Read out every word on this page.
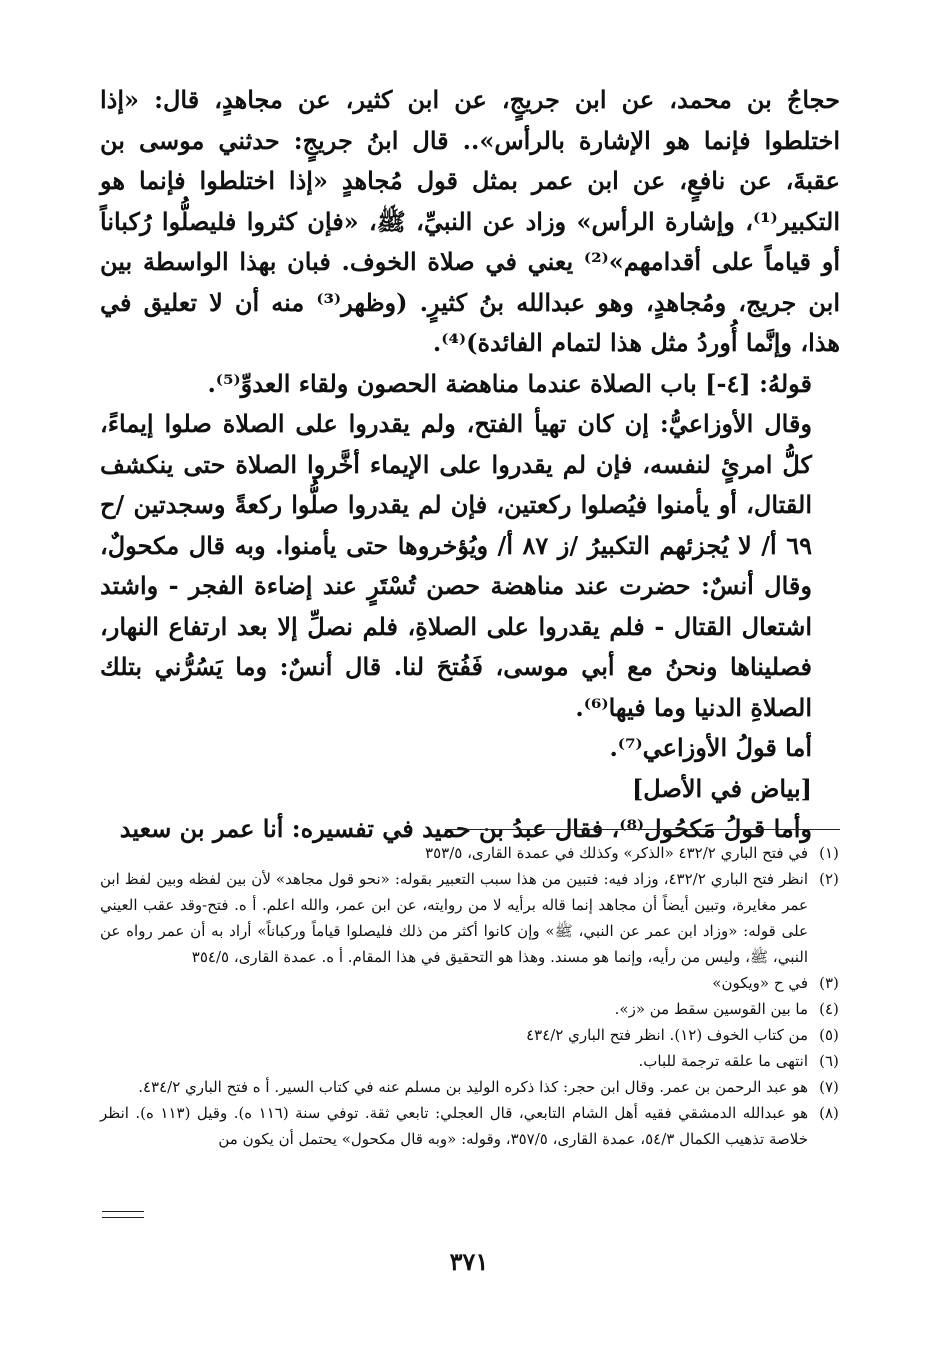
حجاجُ بن محمد، عن ابن جريجٍ، عن ابن كثير، عن مجاهدٍ، قال: «إذا اختلطوا فإنما هو الإشارة بالرأس».. قال ابنُ جريجٍ: حدثني موسى بن عقبةَ، عن نافعٍ، عن ابن عمر بمثل قول مُجاهدٍ «إذا اختلطوا فإنما هو التكبير⁽¹⁾، وإشارة الرأس» وزاد عن النبيِّ، ﷺ، «فإن كثروا فليصلُّوا رُكباناً أو قياماً على أقدامهم»⁽²⁾ يعني في صلاة الخوف. فبان بهذا الواسطة بين ابن جريج، ومُجاهدٍ، وهو عبدالله بنُ كثيرٍ. (وظهر⁽³⁾ منه أن لا تعليق في هذا، وإنَّما أُوردُ مثل هذا لتمام الفائدة)⁽⁴⁾.

قولهُ: [٤-] باب الصلاة عندما مناهضة الحصون ولقاء العدوِّ⁽⁵⁾.

وقال الأوزاعيُّ: إن كان تهيأ الفتح، ولم يقدروا على الصلاة صلوا إيماءً، كلُّ امرئٍ لنفسه، فإن لم يقدروا على الإيماء أخَّروا الصلاة حتى ينكشف القتال، أو يأمنوا فيُصلوا ركعتين، فإن لم يقدروا صلُّوا ركعةً وسجدتين /ح ٦٩ أ/ لا يُجزئهم التكبيرُ /ز ٨٧ أ/ ويُؤخروها حتى يأمنوا. وبه قال مكحولٌ، وقال أنسٌ: حضرت عند مناهضة حصن تُسْتَرٍ عند إضاءة الفجر - واشتد اشتعال القتال - فلم يقدروا على الصلاةِ، فلم نصلِّ إلا بعد ارتفاع النهار، فصليناها ونحنُ مع أبي موسى، فَفُتحَ لنا. قال أنسٌ: وما يَسُرُّني بتلك الصلاةِ الدنيا وما فيها⁽⁶⁾.

أما قولُ الأوزاعي⁽⁷⁾.

[بياض في الأصل]

وأما قولُ مَكحُول⁽⁸⁾، فقال عبدُ بن حميد في تفسيره: أنا عمر بن سعيد

(١)
في فتح الباري ٤٣٢/٢ «الذكر» وكذلك في عمدة القارى، ٣٥٣/٥
(٢)
انظر فتح الباري ٤٣٢/٢، وزاد فيه: فتبين من هذا سبب التعبير بقوله: «نحو قول مجاهد» لأن بين لفظه وبين لفظ ابن عمر مغايرة، وتبين أيضاً أن مجاهد إنما قاله برأيه لا من روايته، عن ابن عمر، والله اعلم. أ ه. فتح-وقد عقب العيني على قوله: «وزاد ابن عمر عن النبي، ﷺ» وإن كانوا أكثر من ذلك فليصلوا قياماً وركباناً» أراد به أن عمر رواه عن النبي، ﷺ، وليس من رأيه، وإنما هو مسند. وهذا هو التحقيق في هذا المقام. أ ه. عمدة القارى، ٣٥٤/٥
(٣)
في ح «ويكون»
(٤)
ما بين القوسين سقط من «ز».
(٥)
من كتاب الخوف (١٢). انظر فتح الباري ٤٣٤/٢
(٦)
انتهى ما علقه ترجمة للباب.
(٧)
هو عبد الرحمن بن عمر. وقال ابن حجر: كذا ذكره الوليد بن مسلم عنه في كتاب السير. أ ه فتح الباري ٤٣٤/٢.
(٨)
هو عبدالله الدمشقي فقيه أهل الشام التابعي، قال العجلي: تابعي ثقة. توفي سنة (١١٦ ه). وقيل (١١٣ ه). انظر خلاصة تذهيب الكمال ٥٤/٣، عمدة القارى، ٣٥٧/٥، وقوله: «وبه قال مكحول» يحتمل أن يكون من
٣٧١
